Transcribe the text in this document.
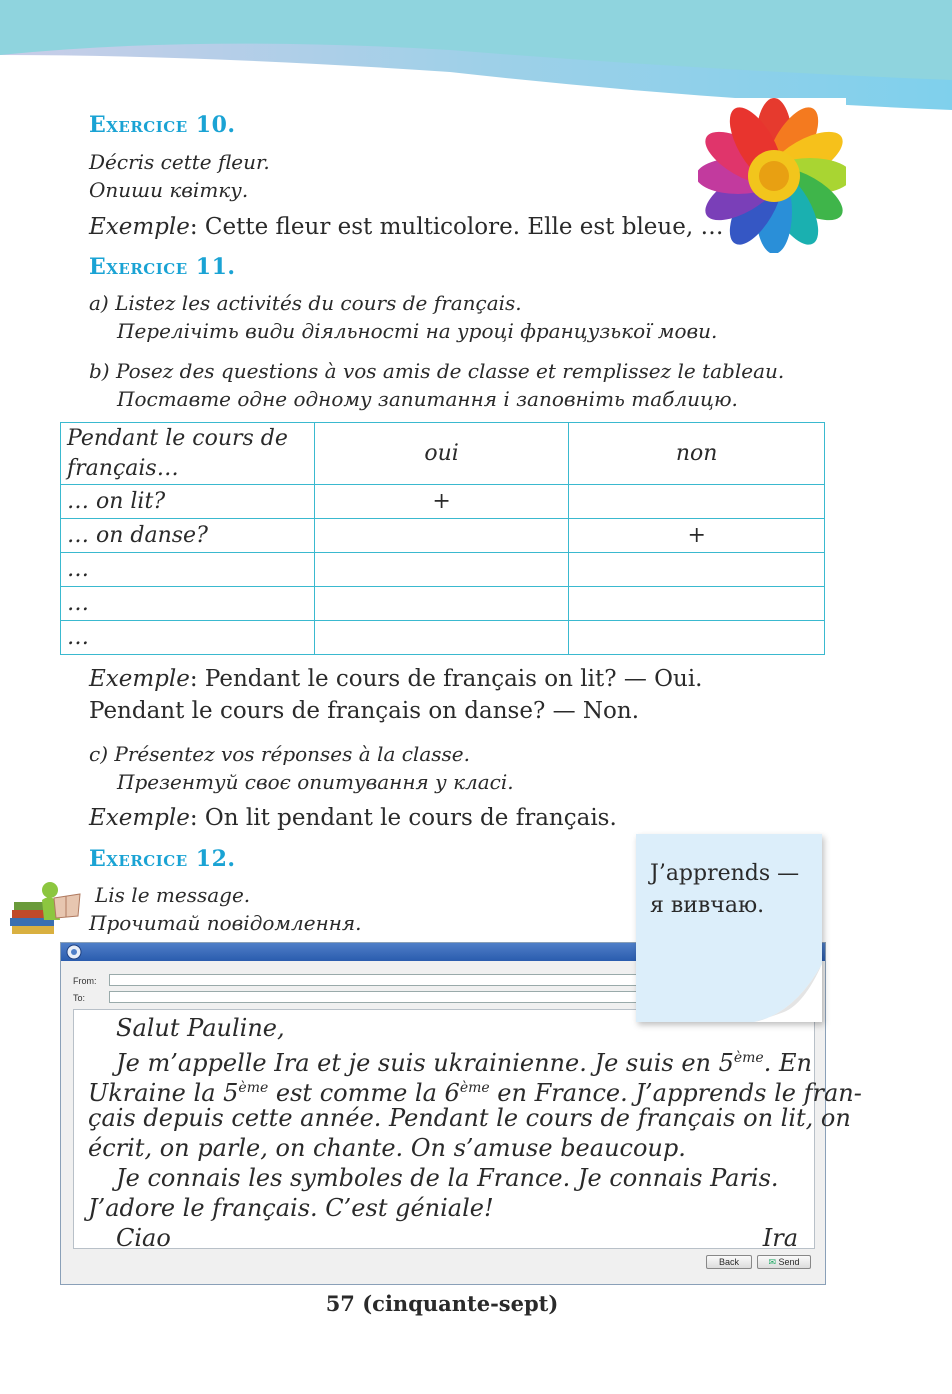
Exercice 10.
Décris cette fleur.
Опиши квітку.
Exemple: Cette fleur est multicolore. Elle est bleue, …
Exercice 11.
a) Listez les activités du cours de français.
Перелічіть види діяльності на уроці французької мови.
b) Posez des questions à vos amis de classe et remplissez le tableau.
Поставте одне одному запитання і заповніть таблицю.
Pendant le cours de français…	oui	non
… on lit?	+	
… on danse?		+
…		
…		
…		
Exemple: Pendant le cours de français on lit? — Oui.
Pendant le cours de français on danse? — Non.
c) Présentez vos réponses à la classe.
Презентуй своє опитування у класі.
Exemple: On lit pendant le cours de français.
Exercice 12.
Lis le message.
Прочитай повідомлення.
From:
To:
Salut Pauline,
Je m’appelle Ira et je suis ukrainienne. Je suis en 5ème. En
Ukraine la 5ème est comme la 6ème en France. J’apprends le fran-
çais depuis cette année. Pendant le cours de français on lit, on
écrit, on parle, on chante. On s’amuse beaucoup.
Je connais les symboles de la France. Je connais Paris.
J’adore le français. C’est géniale!
Ciao	Ira
Back	✉ Send
J’apprends —
я вивчаю.
57 (cinquante-sept)
